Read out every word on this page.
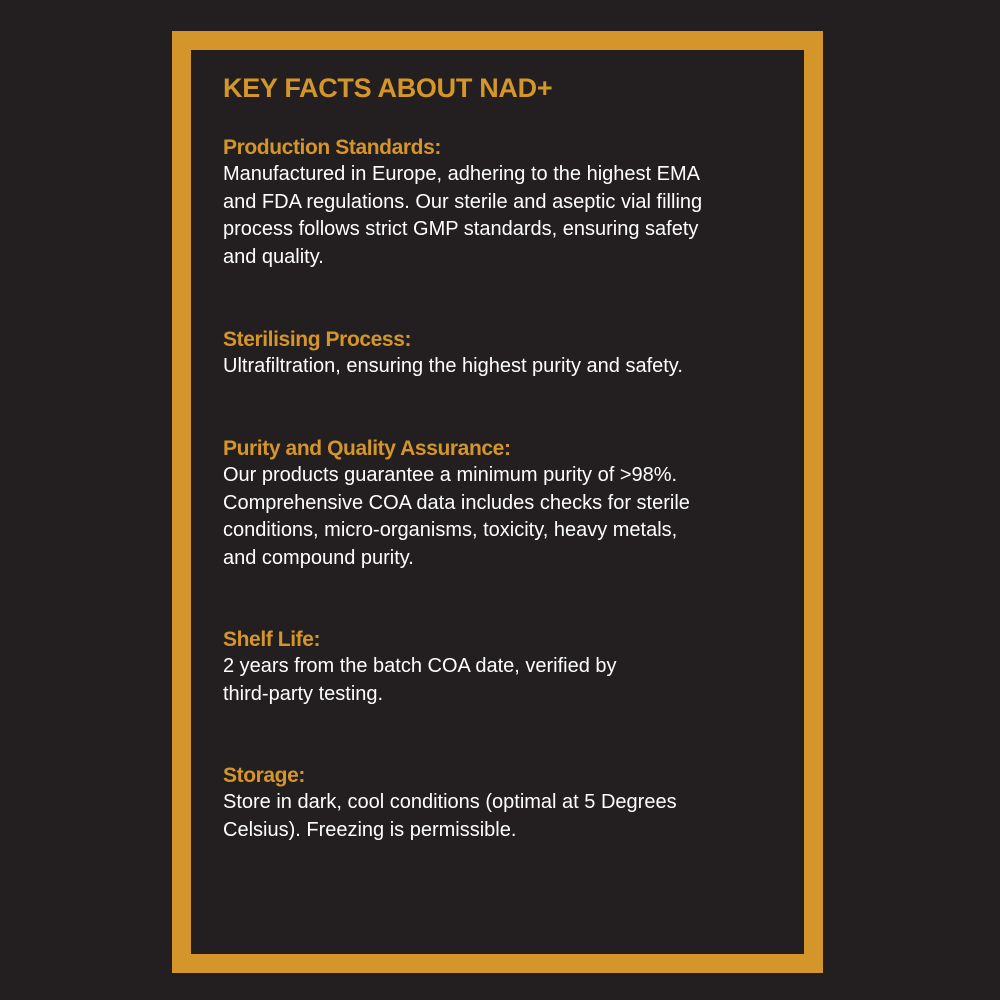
KEY FACTS ABOUT NAD+
Production Standards:

Manufactured in Europe, adhering to the highest EMA

and FDA regulations. Our sterile and aseptic vial filling

process follows strict GMP standards, ensuring safety

and quality.

Sterilising Process:

Ultrafiltration, ensuring the highest purity and safety.

Purity and Quality Assurance:

Our products guarantee a minimum purity of >98%.

Comprehensive COA data includes checks for sterile

conditions, micro-organisms, toxicity, heavy metals,

and compound purity.

Shelf Life:

2 years from the batch COA date, verified by

third-party testing.

Storage:

Store in dark, cool conditions (optimal at 5 Degrees

Celsius). Freezing is permissible.
